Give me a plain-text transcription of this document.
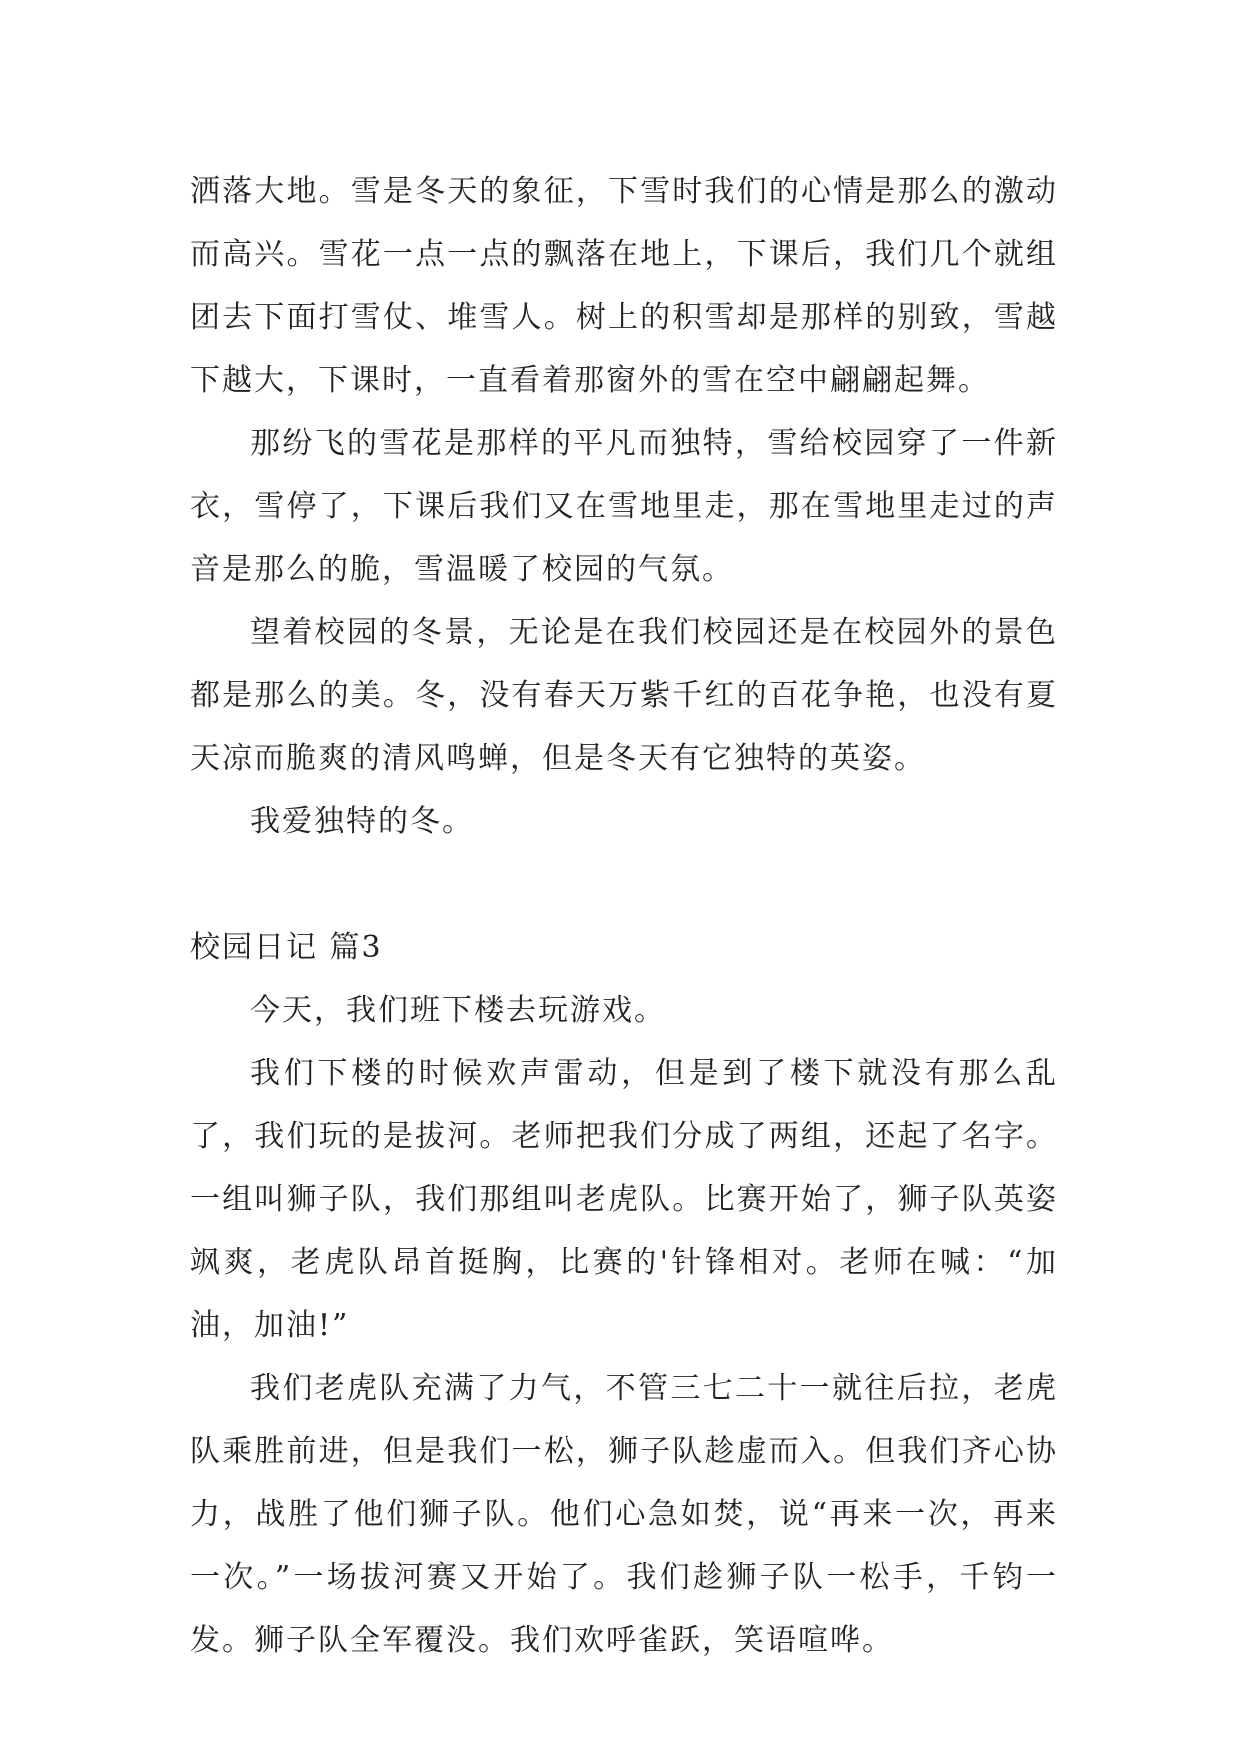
洒落大地。雪是冬天的象征，下雪时我们的心情是那么的激动而高兴。雪花一点一点的飘落在地上，下课后，我们几个就组团去下面打雪仗、堆雪人。树上的积雪却是那样的别致，雪越下越大，下课时，一直看着那窗外的雪在空中翩翩起舞。

那纷飞的雪花是那样的平凡而独特，雪给校园穿了一件新衣，雪停了，下课后我们又在雪地里走，那在雪地里走过的声音是那么的脆，雪温暖了校园的气氛。

望着校园的冬景，无论是在我们校园还是在校园外的景色都是那么的美。冬，没有春天万紫千红的百花争艳，也没有夏天凉而脆爽的清风鸣蝉，但是冬天有它独特的英姿。

我爱独特的冬。

校园日记 篇3

今天，我们班下楼去玩游戏。

我们下楼的时候欢声雷动，但是到了楼下就没有那么乱了，我们玩的是拔河。老师把我们分成了两组，还起了名字。一组叫狮子队，我们那组叫老虎队。比赛开始了，狮子队英姿飒爽，老虎队昂首挺胸，比赛的'针锋相对。老师在喊：“加油，加油!”

我们老虎队充满了力气，不管三七二十一就往后拉，老虎队乘胜前进，但是我们一松，狮子队趁虚而入。但我们齐心协力，战胜了他们狮子队。他们心急如焚，说“再来一次，再来一次。”一场拔河赛又开始了。我们趁狮子队一松手，千钧一发。狮子队全军覆没。我们欢呼雀跃，笑语喧哗。
